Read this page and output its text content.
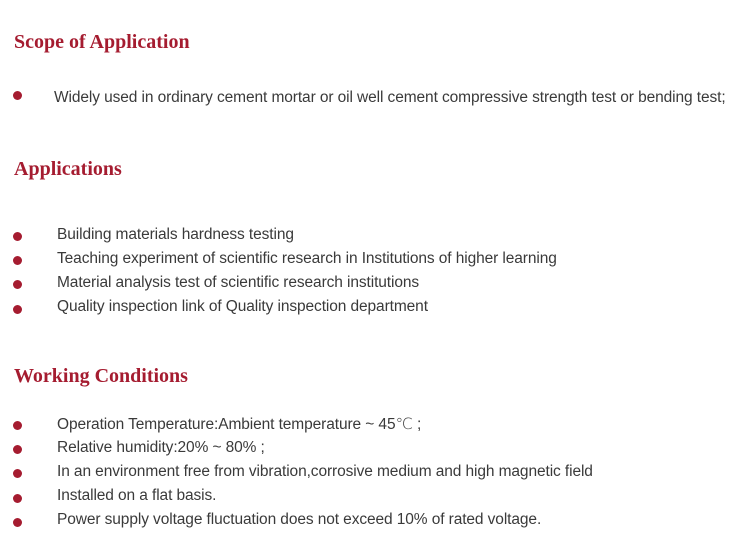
Scope of Application
Widely used in ordinary cement mortar or oil well cement compressive strength test or bending test;
Applications
Building materials hardness testing
Teaching experiment of scientific research in Institutions of higher learning
Material analysis test of scientific research institutions
Quality inspection link of Quality inspection department
Working Conditions
Operation Temperature:Ambient temperature ~ 45℃ ;
Relative humidity:20% ~ 80% ;
In an environment free from vibration,corrosive medium and high magnetic field
Installed on a flat basis.
Power supply voltage fluctuation does not exceed 10% of rated voltage.
